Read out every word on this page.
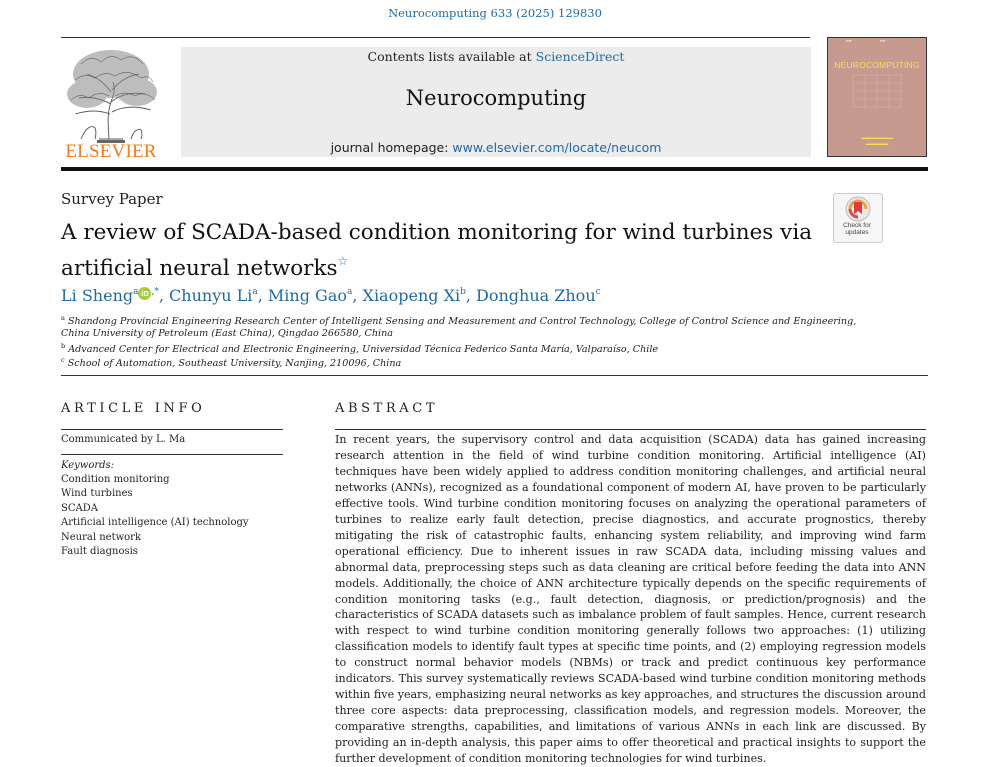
Neurocomputing 633 (2025) 129830
ELSEVIER
Contents lists available at ScienceDirect
Neurocomputing
journal homepage: www.elsevier.com/locate/neucom
▪▪▪▪	▪▪▪▪
NEUROCOMPUTING
▬▬▬▬▬▬▬
▬▬▬▬▬
Survey Paper
A review of SCADA-based condition monitoring for wind turbines via artificial neural networks☆
Check for updates
Li Sheng$^a$ iD ,*, Chunyu Li$^a$, Ming Gao$^a$, Xiaopeng Xi$^b$, Donghua Zhou$^c$
$^a$ Shandong Provincial Engineering Research Center of Intelligent Sensing and Measurement and Control Technology, College of Control Science and Engineering,
China University of Petroleum (East China), Qingdao 266580, China
$^b$ Advanced Center for Electrical and Electronic Engineering, Universidad Técnica Federico Santa María, Valparaíso, Chile
$^c$ School of Automation, Southeast University, Nanjing, 210096, China
ARTICLE INFO
Communicated by L. Ma
Keywords:
Condition monitoring
Wind turbines
SCADA
Artificial intelligence (AI) technology
Neural network
Fault diagnosis
ABSTRACT

In recent years, the supervisory control and data acquisition (SCADA) data has gained increasing research attention in the field of wind turbine condition monitoring. Artificial intelligence (AI) techniques have been widely applied to address condition monitoring challenges, and artificial neural networks (ANNs), recognized as a foundational component of modern AI, have proven to be particularly effective tools. Wind turbine condition monitoring focuses on analyzing the operational parameters of turbines to realize early fault detection, precise diagnostics, and accurate prognostics, thereby mitigating the risk of catastrophic faults, enhancing system reliability, and improving wind farm operational efficiency. Due to inherent issues in raw SCADA data, including missing values and abnormal data, preprocessing steps such as data cleaning are critical before feeding the data into ANN models. Additionally, the choice of ANN architecture typically depends on the specific requirements of condition monitoring tasks (e.g., fault detection, diagnosis, or prediction/prognosis) and the characteristics of SCADA datasets such as imbalance problem of fault samples. Hence, current research with respect to wind turbine condition monitoring generally follows two approaches: (1) utilizing classification models to identify fault types at specific time points, and (2) employing regression models to construct normal behavior models (NBMs) or track and predict continuous key performance indicators. This survey systematically reviews SCADA-based wind turbine condition monitoring methods within five years, emphasizing neural networks as key approaches, and structures the discussion around three core aspects: data preprocessing, classification models, and regression models. Moreover, the comparative strengths, capabilities, and limitations of various ANNs in each link are discussed. By providing an in-depth analysis, this paper aims to offer theoretical and practical insights to support the further development of condition monitoring technologies for wind turbines.
